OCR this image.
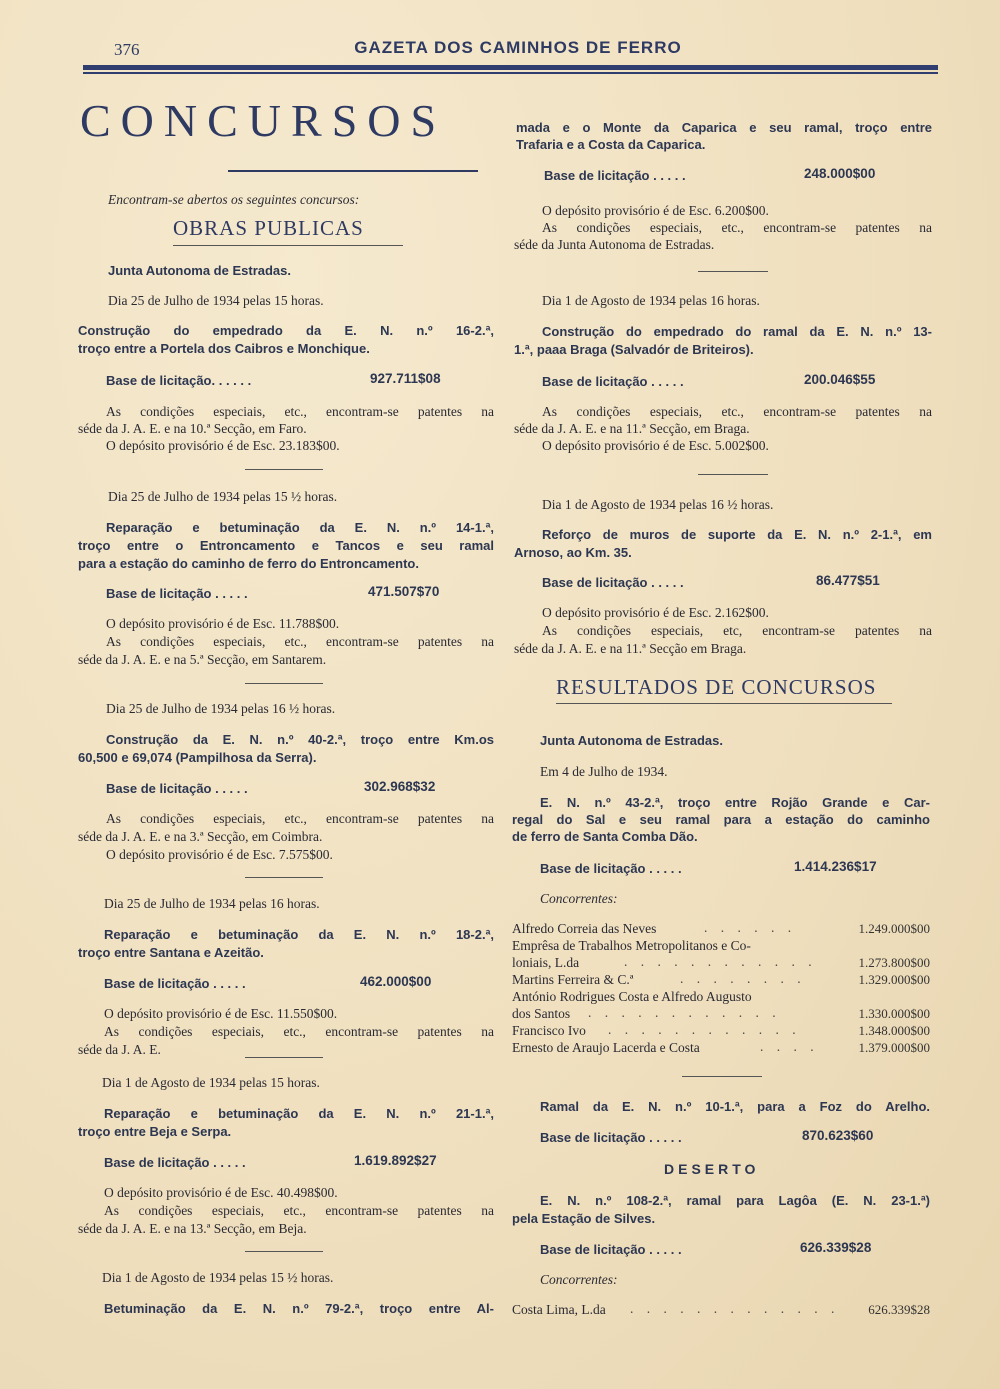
376	GAZETA DOS CAMINHOS DE FERRO
CONCURSOS
Encontram-se abertos os seguintes concursos:
OBRAS PUBLICAS
Junta Autonoma de Estradas.
Dia 25 de Julho de 1934 pelas 15 horas.
Construção do empedrado da E. N. n.º 16-2.ª,
troço entre a Portela dos Caibros e Monchique.
Base de licitação. . . . . .	927.711$08
As condições especiais, etc., encontram-se patentes na
séde da J. A. E. e na 10.ª Secção, em Faro.
O depósito provisório é de Esc. 23.183$00.
Dia 25 de Julho de 1934 pelas 15 ½ horas.
Reparação e betuminação da E. N. n.º 14-1.ª,
troço entre o Entroncamento e Tancos e seu ramal
para a estação do caminho de ferro do Entroncamento.
Base de licitação . . . . .	471.507$70
O depósito provisório é de Esc. 11.788$00.
As condições especiais, etc., encontram-se patentes na
séde da J. A. E. e na 5.ª Secção, em Santarem.
Dia 25 de Julho de 1934 pelas 16 ½ horas.
Construção da E. N. n.º 40-2.ª, troço entre Km.os
60,500 e 69,074 (Pampilhosa da Serra).
Base de licitação . . . . .	302.968$32
As condições especiais, etc., encontram-se patentes na
séde da J. A. E. e na 3.ª Secção, em Coimbra.
O depósito provisório é de Esc. 7.575$00.
Dia 25 de Julho de 1934 pelas 16 horas.
Reparação e betuminação da E. N. n.º 18-2.ª,
troço entre Santana e Azeitão.
Base de licitação . . . . .	462.000$00
O depósito provisório é de Esc. 11.550$00.
As condições especiais, etc., encontram-se patentes na
séde da J. A. E.
Dia 1 de Agosto de 1934 pelas 15 horas.
Reparação e betuminação da E. N. n.º 21-1.ª,
troço entre Beja e Serpa.
Base de licitação . . . . .	1.619.892$27
O depósito provisório é de Esc. 40.498$00.
As condições especiais, etc., encontram-se patentes na
séde da J. A. E. e na 13.ª Secção, em Beja.
Dia 1 de Agosto de 1934 pelas 15 ½ horas.
Betuminação da E. N. n.º 79-2.ª, troço entre Al-
mada e o Monte da Caparica e seu ramal, troço entre
Trafaria e a Costa da Caparica.
Base de licitação . . . . .	248.000$00
O depósito provisório é de Esc. 6.200$00.
As condições especiais, etc., encontram-se patentes na
séde da Junta Autonoma de Estradas.
Dia 1 de Agosto de 1934 pelas 16 horas.
Construção do empedrado do ramal da E. N. n.º 13-
1.ª, paaa Braga (Salvadór de Briteiros).
Base de licitação . . . . .	200.046$55
As condições especiais, etc., encontram-se patentes na
séde da J. A. E. e na 11.ª Secção, em Braga.
O depósito provisório é de Esc. 5.002$00.
Dia 1 de Agosto de 1934 pelas 16 ½ horas.
Reforço de muros de suporte da E. N. n.º 2-1.ª, em
Arnoso, ao Km. 35.
Base de licitação . . . . .	86.477$51
O depósito provisório é de Esc. 2.162$00.
As condições especiais, etc, encontram-se patentes na
séde da J. A. E. e na 11.ª Secção em Braga.
RESULTADOS DE CONCURSOS
Junta Autonoma de Estradas.
Em 4 de Julho de 1934.
E. N. n.º 43-2.ª, troço entre Rojão Grande e Car-
regal do Sal e seu ramal para a estação do caminho
de ferro de Santa Comba Dão.
Base de licitação . . . . .	1.414.236$17
Concorrentes:
Alfredo Correia das Neves	. . . . . .	1.249.000$00
Emprêsa de Trabalhos Metropolitanos e Co-
loniais, L.da	. . . . . . . . . . . .	1.273.800$00
Martins Ferreira & C.ª	. . . . . . . .	1.329.000$00
António Rodrigues Costa e Alfredo Augusto
dos Santos . . . . . . . . . . . .	1.330.000$00
Francisco Ivo . . . . . . . . . . . .	1.348.000$00
Ernesto de Araujo Lacerda e Costa	. . . .	1.379.000$00
Ramal da E. N. n.º 10-1.ª, para a Foz do Arelho.
Base de licitação . . . . .	870.623$60
DESERTO
E. N. n.º 108-2.ª, ramal para Lagôa (E. N. 23-1.ª)
pela Estação de Silves.
Base de licitação . . . . .	626.339$28
Concorrentes:
Costa Lima, L.da . . . . . . . . . . . . .	626.339$28
